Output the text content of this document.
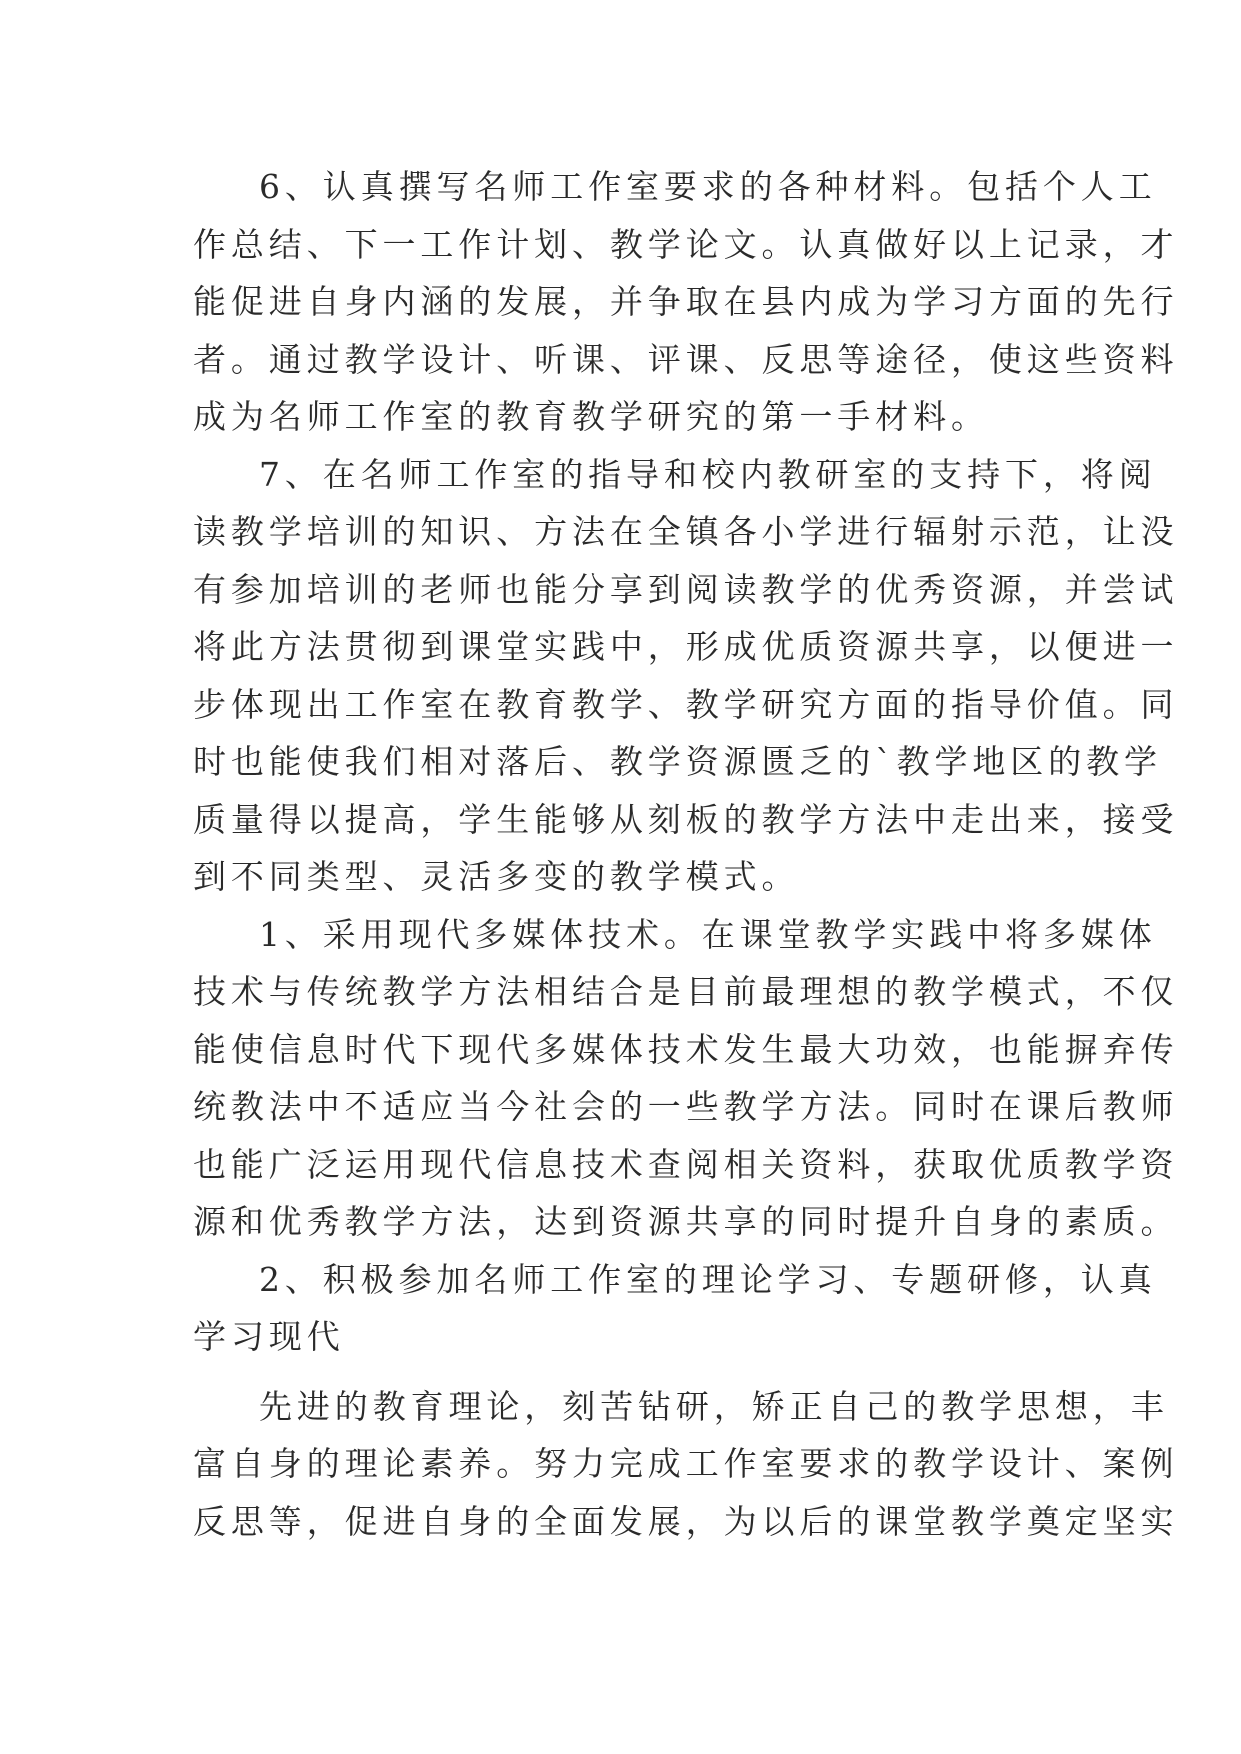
6、认真撰写名师工作室要求的各种材料。包括个人工
作总结、下一工作计划、教学论文。认真做好以上记录，才
能促进自身内涵的发展，并争取在县内成为学习方面的先行
者。通过教学设计、听课、评课、反思等途径，使这些资料
成为名师工作室的教育教学研究的第一手材料。
7、在名师工作室的指导和校内教研室的支持下，将阅
读教学培训的知识、方法在全镇各小学进行辐射示范，让没
有参加培训的老师也能分享到阅读教学的优秀资源，并尝试
将此方法贯彻到课堂实践中，形成优质资源共享，以便进一
步体现出工作室在教育教学、教学研究方面的指导价值。同
时也能使我们相对落后、教学资源匮乏的`教学地区的教学
质量得以提高，学生能够从刻板的教学方法中走出来，接受
到不同类型、灵活多变的教学模式。
1、采用现代多媒体技术。在课堂教学实践中将多媒体
技术与传统教学方法相结合是目前最理想的教学模式，不仅
能使信息时代下现代多媒体技术发生最大功效，也能摒弃传
统教法中不适应当今社会的一些教学方法。同时在课后教师
也能广泛运用现代信息技术查阅相关资料，获取优质教学资
源和优秀教学方法，达到资源共享的同时提升自身的素质。
2、积极参加名师工作室的理论学习、专题研修，认真
学习现代
先进的教育理论，刻苦钻研，矫正自己的教学思想，丰
富自身的理论素养。努力完成工作室要求的教学设计、案例
反思等，促进自身的全面发展，为以后的课堂教学奠定坚实
